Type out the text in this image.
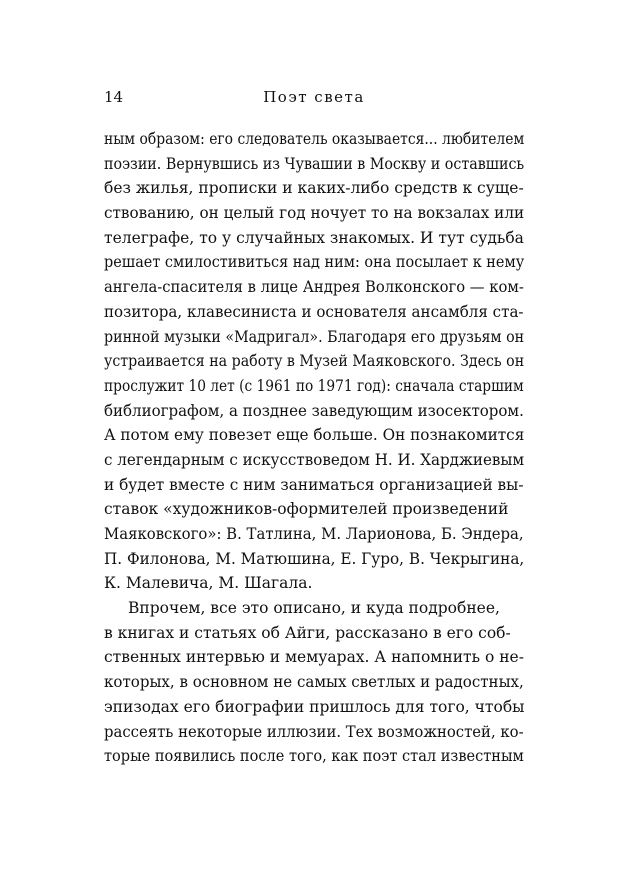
14	Поэт света
ным образом: его следователь оказывается... любителем
поэзии. Вернувшись из Чувашии в Москву и оставшись
без жилья, прописки и каких-либо средств к суще-
ствованию, он целый год ночует то на вокзалах или
телеграфе, то у случайных знакомых. И тут судьба
решает смилостивиться над ним: она посылает к нему
ангела-спасителя в лице Андрея Волконского — ком-
позитора, клавесиниста и основателя ансамбля ста-
ринной музыки «Мадригал». Благодаря его друзьям он
устраивается на работу в Музей Маяковского. Здесь он
прослужит 10 лет (с 1961 по 1971 год): сначала старшим
библиографом, а позднее заведующим изосектором.
А потом ему повезет еще больше. Он познакомится
с легендарным с искусствоведом Н. И. Харджиевым
и будет вместе с ним заниматься организацией вы-
ставок «художников-оформителей произведений
Маяковского»: В. Татлина, М. Ларионова, Б. Эндера,
П. Филонова, М. Матюшина, Е. Гуро, В. Чекрыгина,
К. Малевича, М. Шагала.
Впрочем, все это описано, и куда подробнее,
в книгах и статьях об Айги, рассказано в его соб-
ственных интервью и мемуарах. А напомнить о не-
которых, в основном не самых светлых и радостных,
эпизодах его биографии пришлось для того, чтобы
рассеять некоторые иллюзии. Тех возможностей, ко-
торые появились после того, как поэт стал известным
